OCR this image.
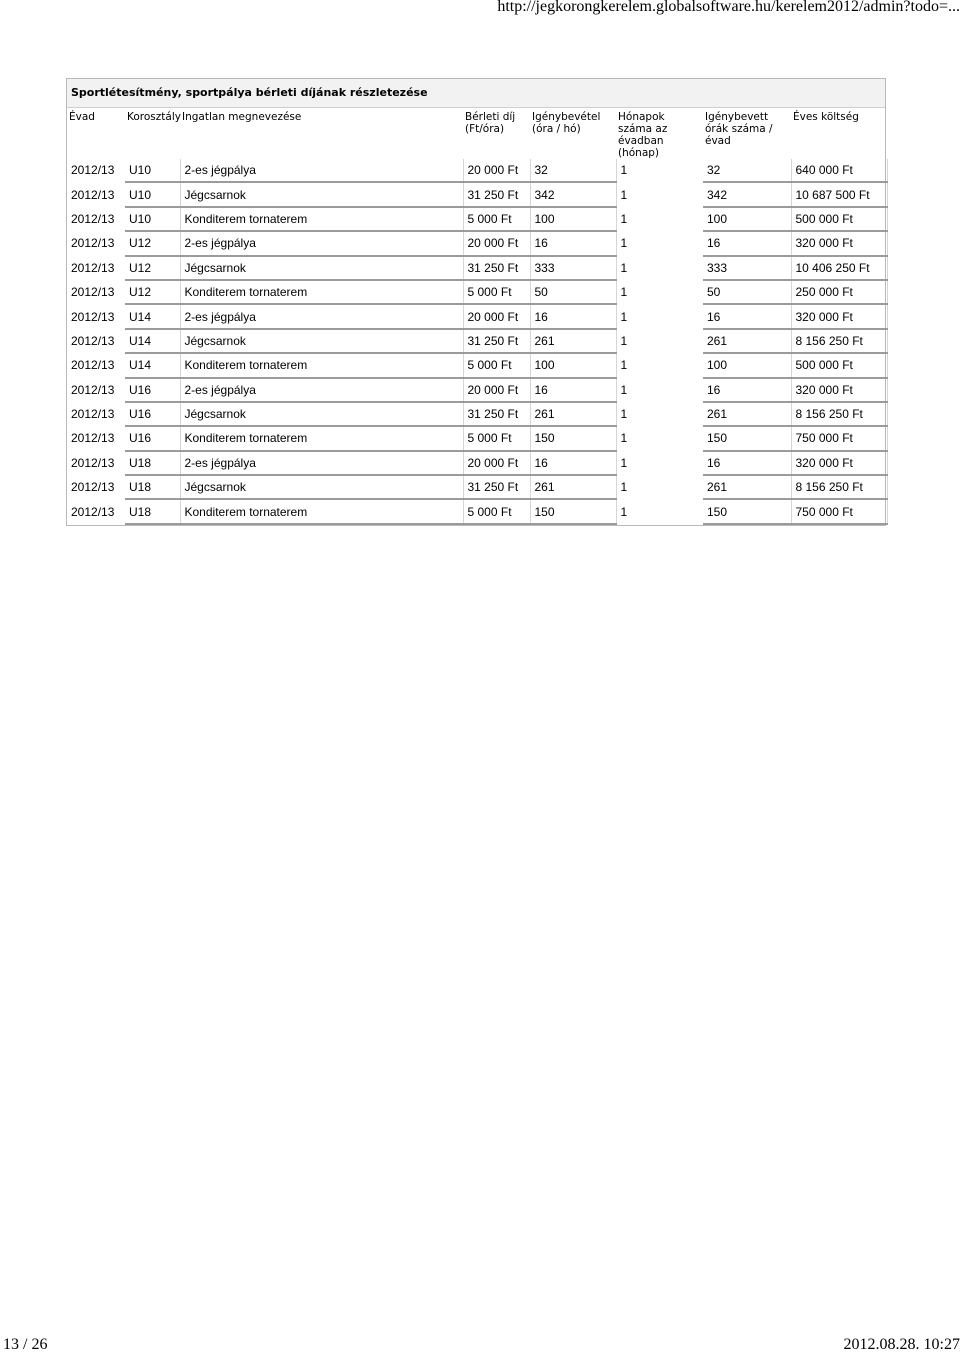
http://jegkorongkerelem.globalsoftware.hu/kerelem2012/admin?todo=...
Sportlétesítmény, sportpálya bérleti díjának részletezése
Évad	Korosztály	Ingatlan megnevezése	Bérleti díj (Ft/óra)	Igénybevétel (óra / hó)	Hónapok száma az évadban (hónap)	Igénybevett órák száma / évad	Éves költség
2012/13	U10	2-es jégpálya	20 000 Ft	32	1	32	640 000 Ft
2012/13	U10	Jégcsarnok	31 250 Ft	342	1	342	10 687 500 Ft
2012/13	U10	Konditerem tornaterem	5 000 Ft	100	1	100	500 000 Ft
2012/13	U12	2-es jégpálya	20 000 Ft	16	1	16	320 000 Ft
2012/13	U12	Jégcsarnok	31 250 Ft	333	1	333	10 406 250 Ft
2012/13	U12	Konditerem tornaterem	5 000 Ft	50	1	50	250 000 Ft
2012/13	U14	2-es jégpálya	20 000 Ft	16	1	16	320 000 Ft
2012/13	U14	Jégcsarnok	31 250 Ft	261	1	261	8 156 250 Ft
2012/13	U14	Konditerem tornaterem	5 000 Ft	100	1	100	500 000 Ft
2012/13	U16	2-es jégpálya	20 000 Ft	16	1	16	320 000 Ft
2012/13	U16	Jégcsarnok	31 250 Ft	261	1	261	8 156 250 Ft
2012/13	U16	Konditerem tornaterem	5 000 Ft	150	1	150	750 000 Ft
2012/13	U18	2-es jégpálya	20 000 Ft	16	1	16	320 000 Ft
2012/13	U18	Jégcsarnok	31 250 Ft	261	1	261	8 156 250 Ft
2012/13	U18	Konditerem tornaterem	5 000 Ft	150	1	150	750 000 Ft
13 / 26	2012.08.28. 10:27
